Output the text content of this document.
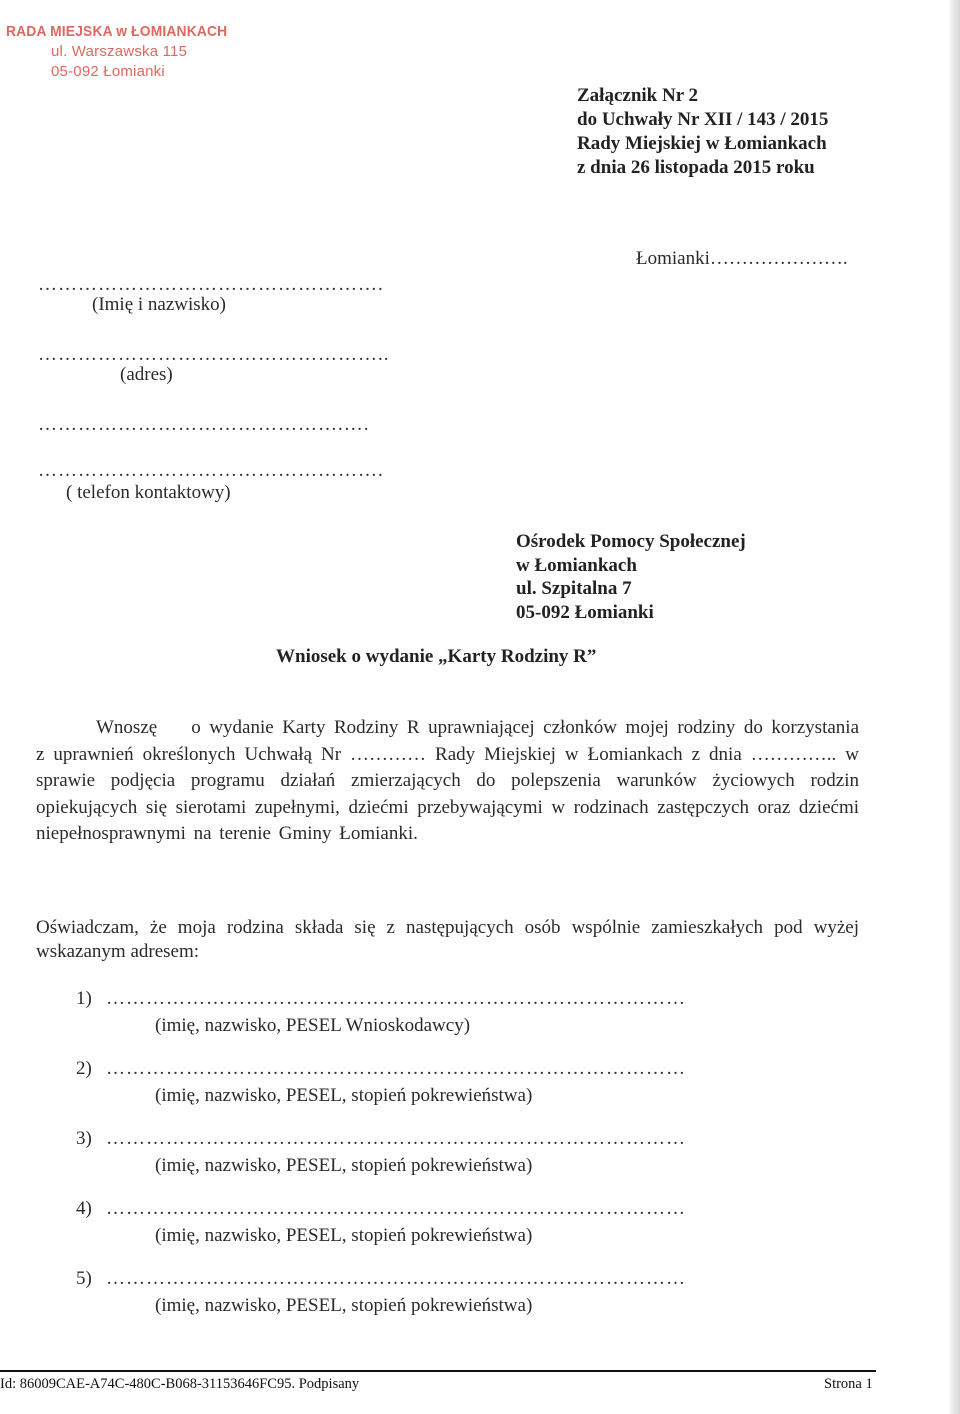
RADA MIEJSKA w ŁOMIANKACH
ul. Warszawska 115
05-092 Łomianki
Załącznik Nr 2
do Uchwały Nr XII / 143 / 2015
Rady Miejskiej w Łomiankach
z dnia 26 listopada 2015 roku
Łomianki………………….
…………………………………………….
(Imię i nazwisko)
……………………………………………..
(adres)
……………………………………….….
…………………………………………….
( telefon kontaktowy)
Ośrodek Pomocy Społecznej
w Łomiankach
ul. Szpitalna 7
05-092 Łomianki
Wniosek o wydanie „Karty Rodziny R”
Wnoszę o wydanie Karty Rodziny R uprawniającej członków mojej rodziny do korzystania z uprawnień określonych Uchwałą Nr ………… Rady Miejskiej w Łomiankach z dnia ………….. w sprawie podjęcia programu działań zmierzających do polepszenia warunków życiowych rodzin opiekujących się sierotami zupełnymi, dziećmi przebywającymi w rodzinach zastępczych oraz dziećmi niepełnosprawnymi na terenie Gminy Łomianki.
Oświadczam, że moja rodzina składa się z następujących osób wspólnie zamieszkałych pod wyżej wskazanym adresem:
1) ……………………………………………………………………………
(imię, nazwisko, PESEL Wnioskodawcy)
2) ……………………………………………………………………………
(imię, nazwisko, PESEL, stopień pokrewieństwa)
3) ……………………………………………………………………………
(imię, nazwisko, PESEL, stopień pokrewieństwa)
4) ……………………………………………………………………………
(imię, nazwisko, PESEL, stopień pokrewieństwa)
5) ……………………………………………………………………………
(imię, nazwisko, PESEL, stopień pokrewieństwa)
Id: 86009CAE-A74C-480C-B068-31153646FC95. Podpisany	Strona 1
